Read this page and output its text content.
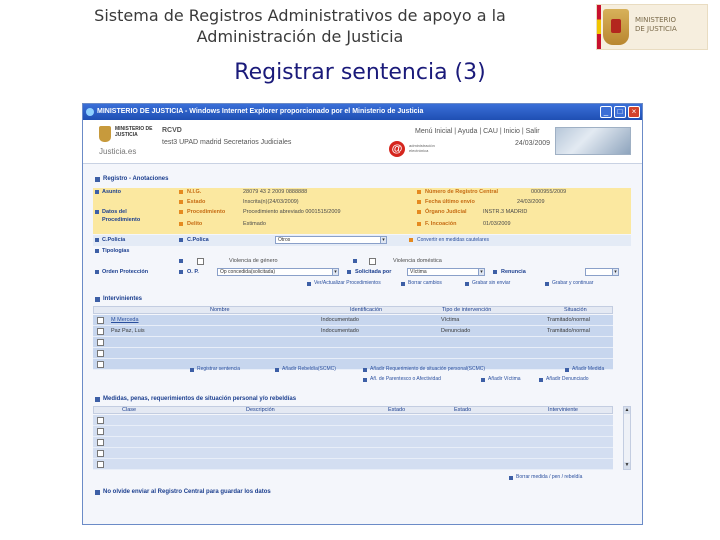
Sistema de Registros Administrativos de apoyo a la
Administración de Justicia
MINISTERIO
DE JUSTICIA
Registrar sentencia (3)
MINISTERIO DE JUSTICIA - Windows Internet Explorer proporcionado por el Ministerio de Justicia	_	□	×
MINISTERIO DE JUSTICIA
Justicia.es
RCVD
test3 UPAD madrid Secretarios Judiciales
Menú Inicial | Ayuda | CAU | Inicio | Salir
24/03/2009
@	administración electrónica
Registro - Anotaciones
Asunto	N.I.G.	28079 43 2 2009 0888888	Número de Registro Central	0000955/2009
Estado	Inscrita(n)(24/03/2009)	Fecha último envío	24/03/2009
Datos del Procedimiento
Procedimiento	Procedimiento abreviado 0001515/2009	Órgano Judicial	INSTR.3 MADRID
Delito	Estimado	F. Incoación	01/03/2009
C.Policía	C.Polica	Otros	▾	Convertir en medidas cautelares
Tipologías
Violencia de género	Violencia doméstica
Orden Protección	O. P.	Op concedida(solicitada)	▾	Solicitada por	Víctima	▾	Renuncia	▾
Ver/Actualizar Procedimientos	Borrar cambios	Grabar sin enviar	Grabar y continuar
Intervinientes
Nombre	Identificación	Tipo de intervención	Situación
M Merceda	Indocumentado	Víctima	Tramitado/normal
Paz Paz, Luis	Indocumentado	Denunciado	Tramitado/normal
Registrar sentencia	Añadir Rebeldía(SCMC)	Añadir Requerimiento de situación personal(SCMC)	Añadir Medida
Añ. de Parentesco o Afectividad	Añadir Víctima	Añadir Denunciado
Medidas, penas, requerimientos de situación personal y/o rebeldías
Clase	Descripción	Estado	Estado	Interviniente	▲
▼
Borrar medida / pen / rebeldía
No olvide enviar al Registro Central para guardar los datos
